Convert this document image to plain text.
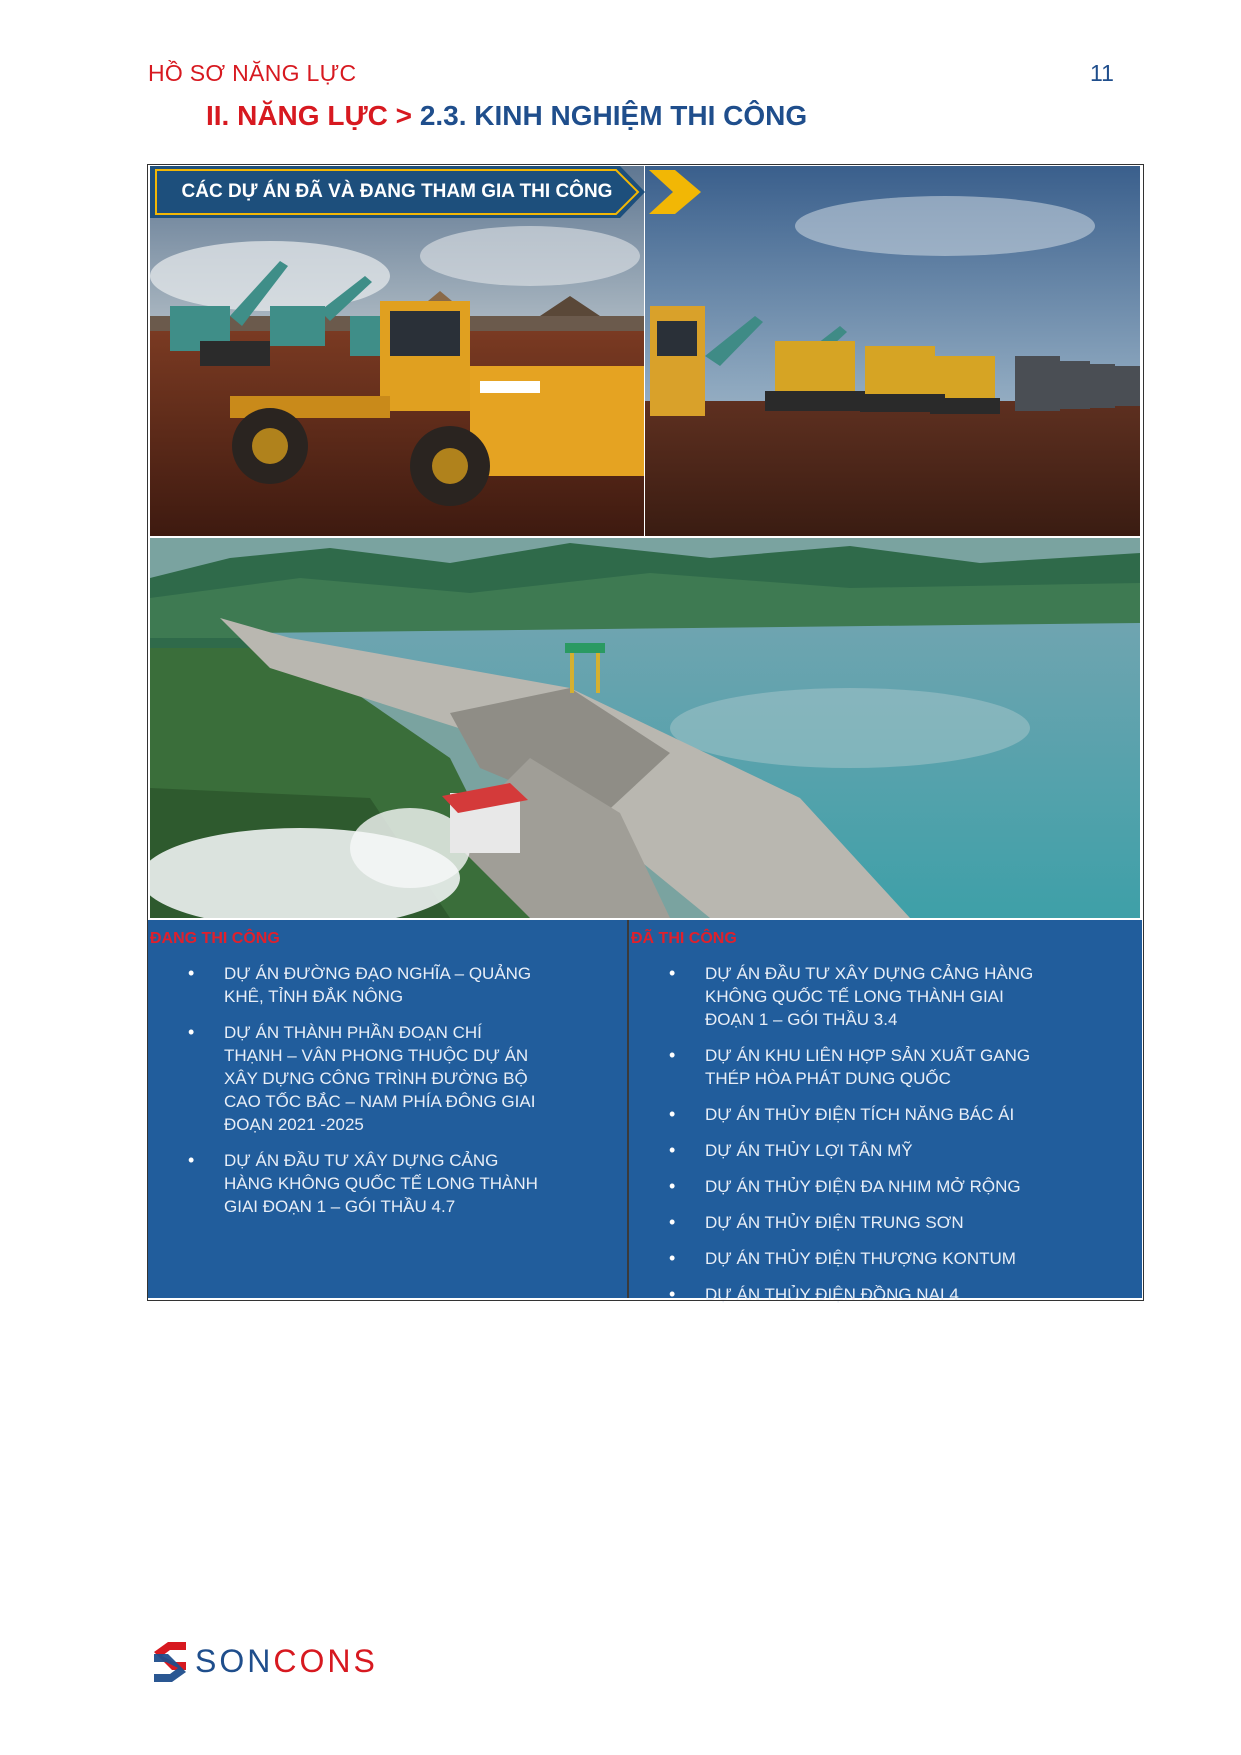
HỒ SƠ NĂNG LỰC	11
II. NĂNG LỰC > 2.3. KINH NGHIỆM THI CÔNG
CÁC DỰ ÁN ĐÃ VÀ ĐANG THAM GIA THI CÔNG
ĐANG THI CÔNG
• DỰ ÁN ĐƯỜNG ĐẠO NGHĨA – QUẢNG KHÊ, TỈNH ĐẮK NÔNG
• DỰ ÁN THÀNH PHẦN ĐOẠN CHÍ THẠNH – VÂN PHONG THUỘC DỰ ÁN XÂY DỰNG CÔNG TRÌNH ĐƯỜNG BỘ CAO TỐC BẮC – NAM PHÍA ĐÔNG GIAI ĐOẠN 2021 -2025
• DỰ ÁN ĐẦU TƯ XÂY DỰNG CẢNG HÀNG KHÔNG QUỐC TẾ LONG THÀNH GIAI ĐOẠN 1 – GÓI THẦU 4.7
ĐÃ THI CÔNG
• DỰ ÁN ĐẦU TƯ XÂY DỰNG CẢNG HÀNG KHÔNG QUỐC TẾ LONG THÀNH GIAI ĐOẠN 1 – GÓI THẦU 3.4
• DỰ ÁN KHU LIÊN HỢP SẢN XUẤT GANG THÉP HÒA PHÁT DUNG QUỐC
• DỰ ÁN THỦY ĐIỆN TÍCH NĂNG BÁC ÁI
• DỰ ÁN THỦY LỢI TÂN MỸ
• DỰ ÁN THỦY ĐIỆN ĐA NHIM MỞ RỘNG
• DỰ ÁN THỦY ĐIỆN TRUNG SƠN
• DỰ ÁN THỦY ĐIỆN THƯỢNG KONTUM
• DỰ ÁN THỦY ĐIỆN ĐỒNG NAI 4
SONCONS
